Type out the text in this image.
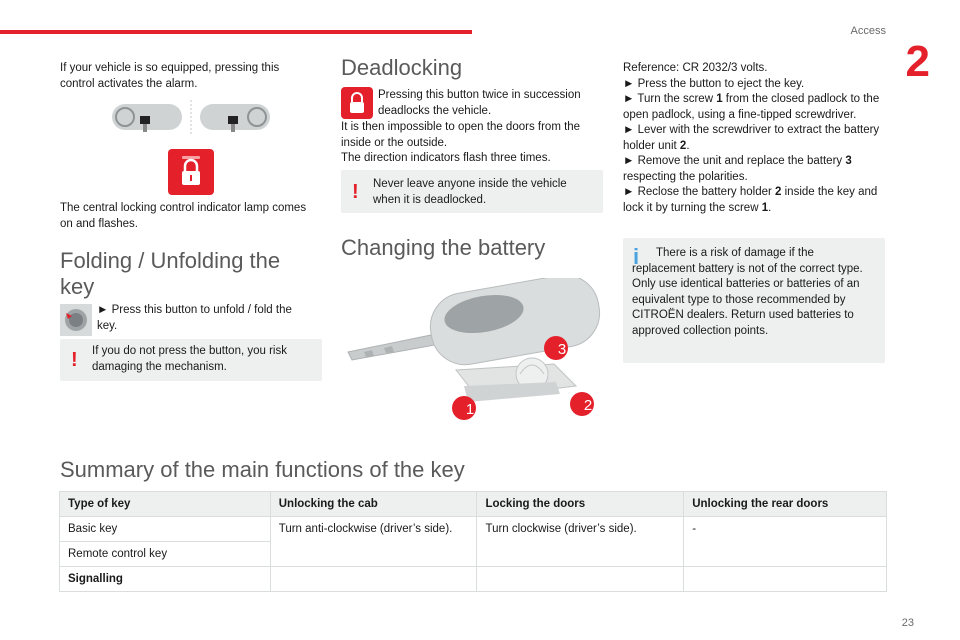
Access
2
23

If your vehicle is so equipped, pressing this control activates the alarm.

The central locking control indicator lamp comes on and flashes.

Folding / Unfolding the key

► Press this button to unfold / fold the key.

! If you do not press the button, you risk damaging the mechanism.
Deadlocking

Pressing this button twice in succession deadlocks the vehicle.

It is then impossible to open the doors from the inside or the outside.

The direction indicators flash three times.

! Never leave anyone inside the vehicle when it is deadlocked.
Changing the battery
3
1	2
Reference: CR 2032/3 volts.
► Press the button to eject the key.
► Turn the screw 1 from the closed padlock to the open padlock, using a fine-tipped screwdriver.
► Lever with the screwdriver to extract the battery holder unit 2.
► Remove the unit and replace the battery 3 respecting the polarities.
► Reclose the battery holder 2 inside the key and lock it by turning the screw 1.
i	There is a risk of damage if the replacement battery is not of the correct type. Only use identical batteries or batteries of an equivalent type to those recommended by CITROËN dealers. Return used batteries to approved collection points.
Summary of the main functions of the key
Type of key	Unlocking the cab	Locking the doors	Unlocking the rear doors
Basic key	Turn anti-clockwise (driver’s side).	Turn clockwise (driver’s side).	-
Remote control key			
Signalling			
